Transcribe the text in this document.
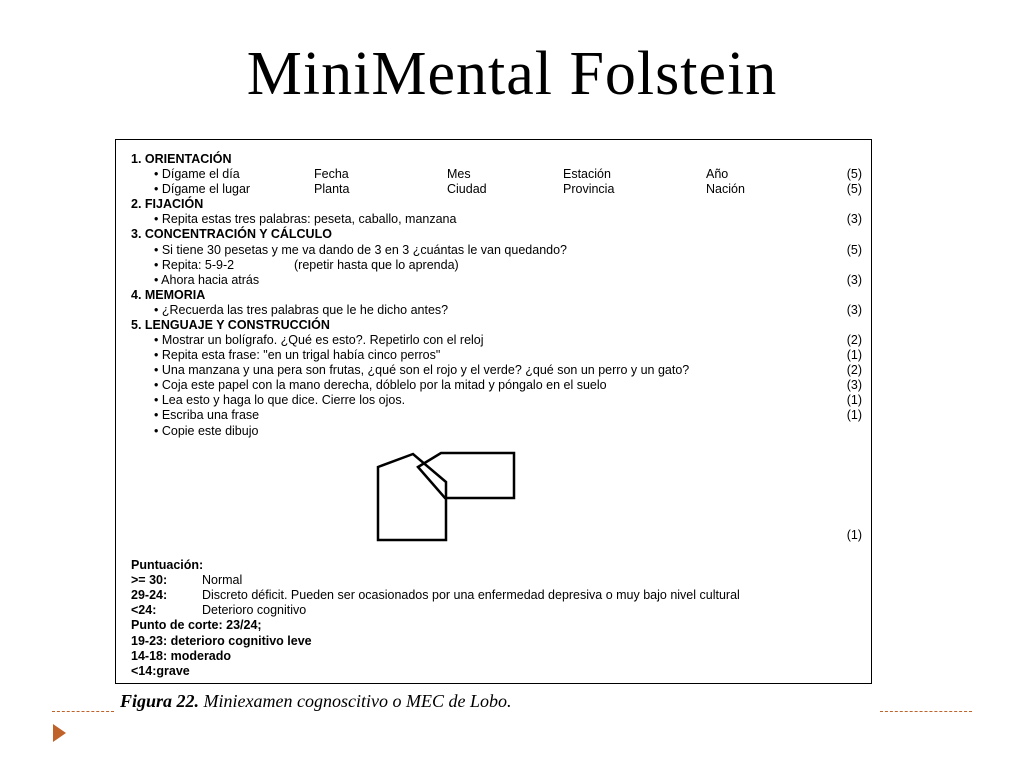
MiniMental Folstein
1. ORIENTACIÓN
• Dígame el día	Fecha	Mes	Estación	Año	(5)
• Dígame el lugar	Planta	Ciudad	Provincia	Nación	(5)
2. FIJACIÓN
• Repita estas tres palabras: peseta, caballo, manzana	(3)
3. CONCENTRACIÓN Y CÁLCULO
• Si tiene 30 pesetas y me va dando de 3 en 3 ¿cuántas le van quedando?	(5)
• Repita: 5-9-2	(repetir hasta que lo aprenda)
• Ahora hacia atrás	(3)
4. MEMORIA
• ¿Recuerda las tres palabras que le he dicho antes?	(3)
5. LENGUAJE Y CONSTRUCCIÓN
• Mostrar un bolígrafo. ¿Qué es esto?. Repetirlo con el reloj	(2)
• Repita esta frase: "en un trigal había cinco perros"	(1)
• Una manzana y una pera son frutas, ¿qué son el rojo y el verde? ¿qué son un perro y un gato?	(2)
• Coja este papel con la mano derecha, dóblelo por la mitad y póngalo en el suelo	(3)
• Lea esto y haga lo que dice. Cierre los ojos.	(1)
• Escriba una frase	(1)
• Copie este dibujo
(1)
Puntuación:
>= 30:	Normal
29-24:	Discreto déficit. Pueden ser ocasionados por una enfermedad depresiva o muy bajo nivel cultural
<24:	Deterioro cognitivo
Punto de corte: 23/24;
19-23: deterioro cognitivo leve
14-18: moderado
<14:grave
Figura 22. Miniexamen cognoscitivo o MEC de Lobo.
